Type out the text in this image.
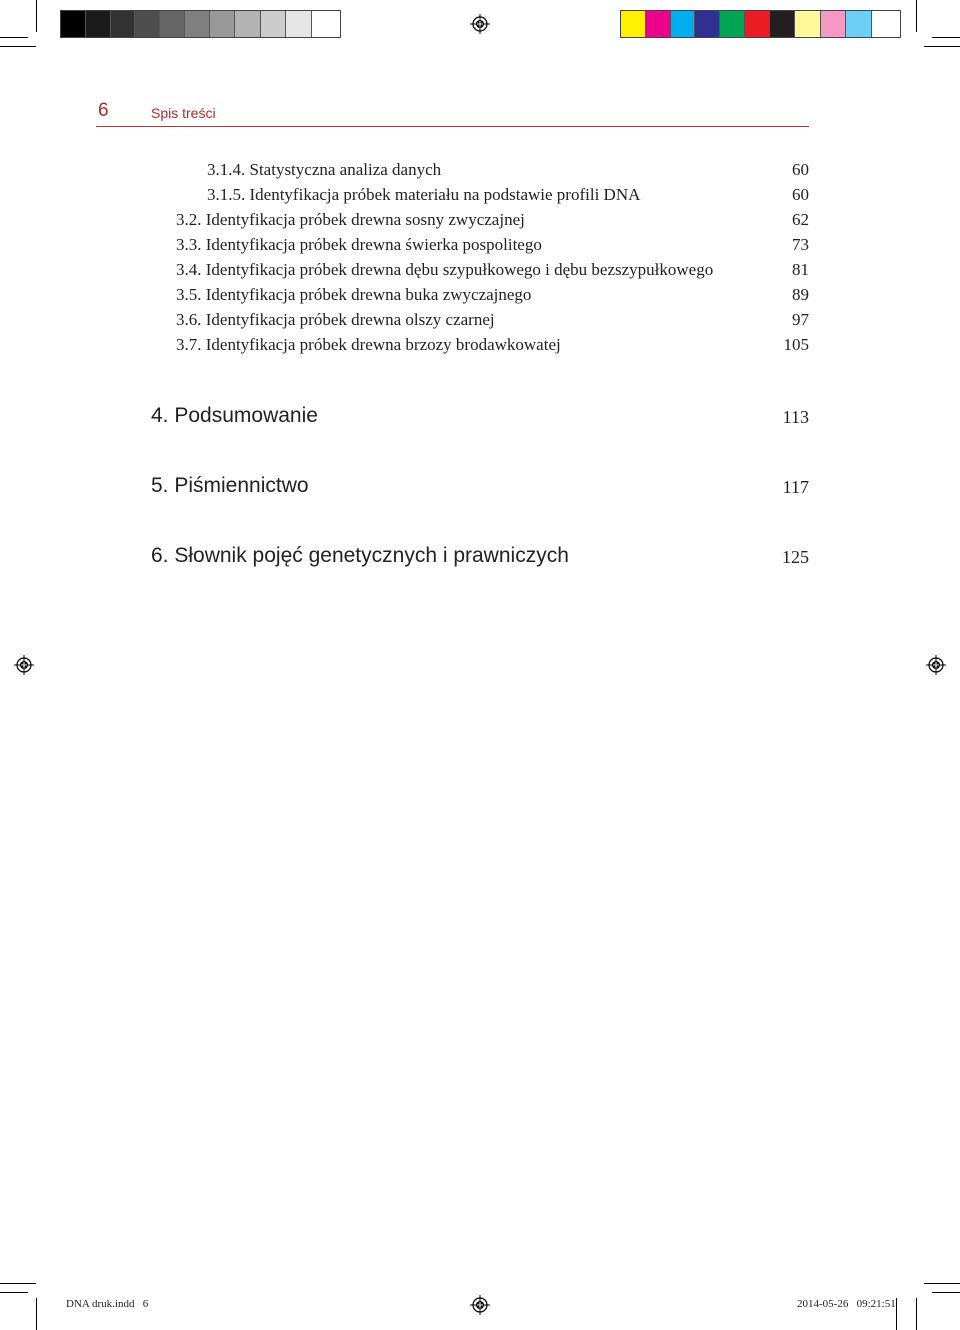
6	Spis treści
3.1.4. Statystyczna analiza danych	60
3.1.5. Identyfikacja próbek materiału na podstawie profili DNA	60
3.2. Identyfikacja próbek drewna sosny zwyczajnej	62
3.3. Identyfikacja próbek drewna świerka pospolitego	73
3.4. Identyfikacja próbek drewna dębu szypułkowego i dębu bezszypułkowego	81
3.5. Identyfikacja próbek drewna buka zwyczajnego	89
3.6. Identyfikacja próbek drewna olszy czarnej	97
3.7. Identyfikacja próbek drewna brzozy brodawkowatej	105
4. Podsumowanie	113
5. Piśmiennictwo	117
6. Słownik pojęć genetycznych i prawniczych	125
DNA druk.indd   6	2014-05-26   09:21:51
